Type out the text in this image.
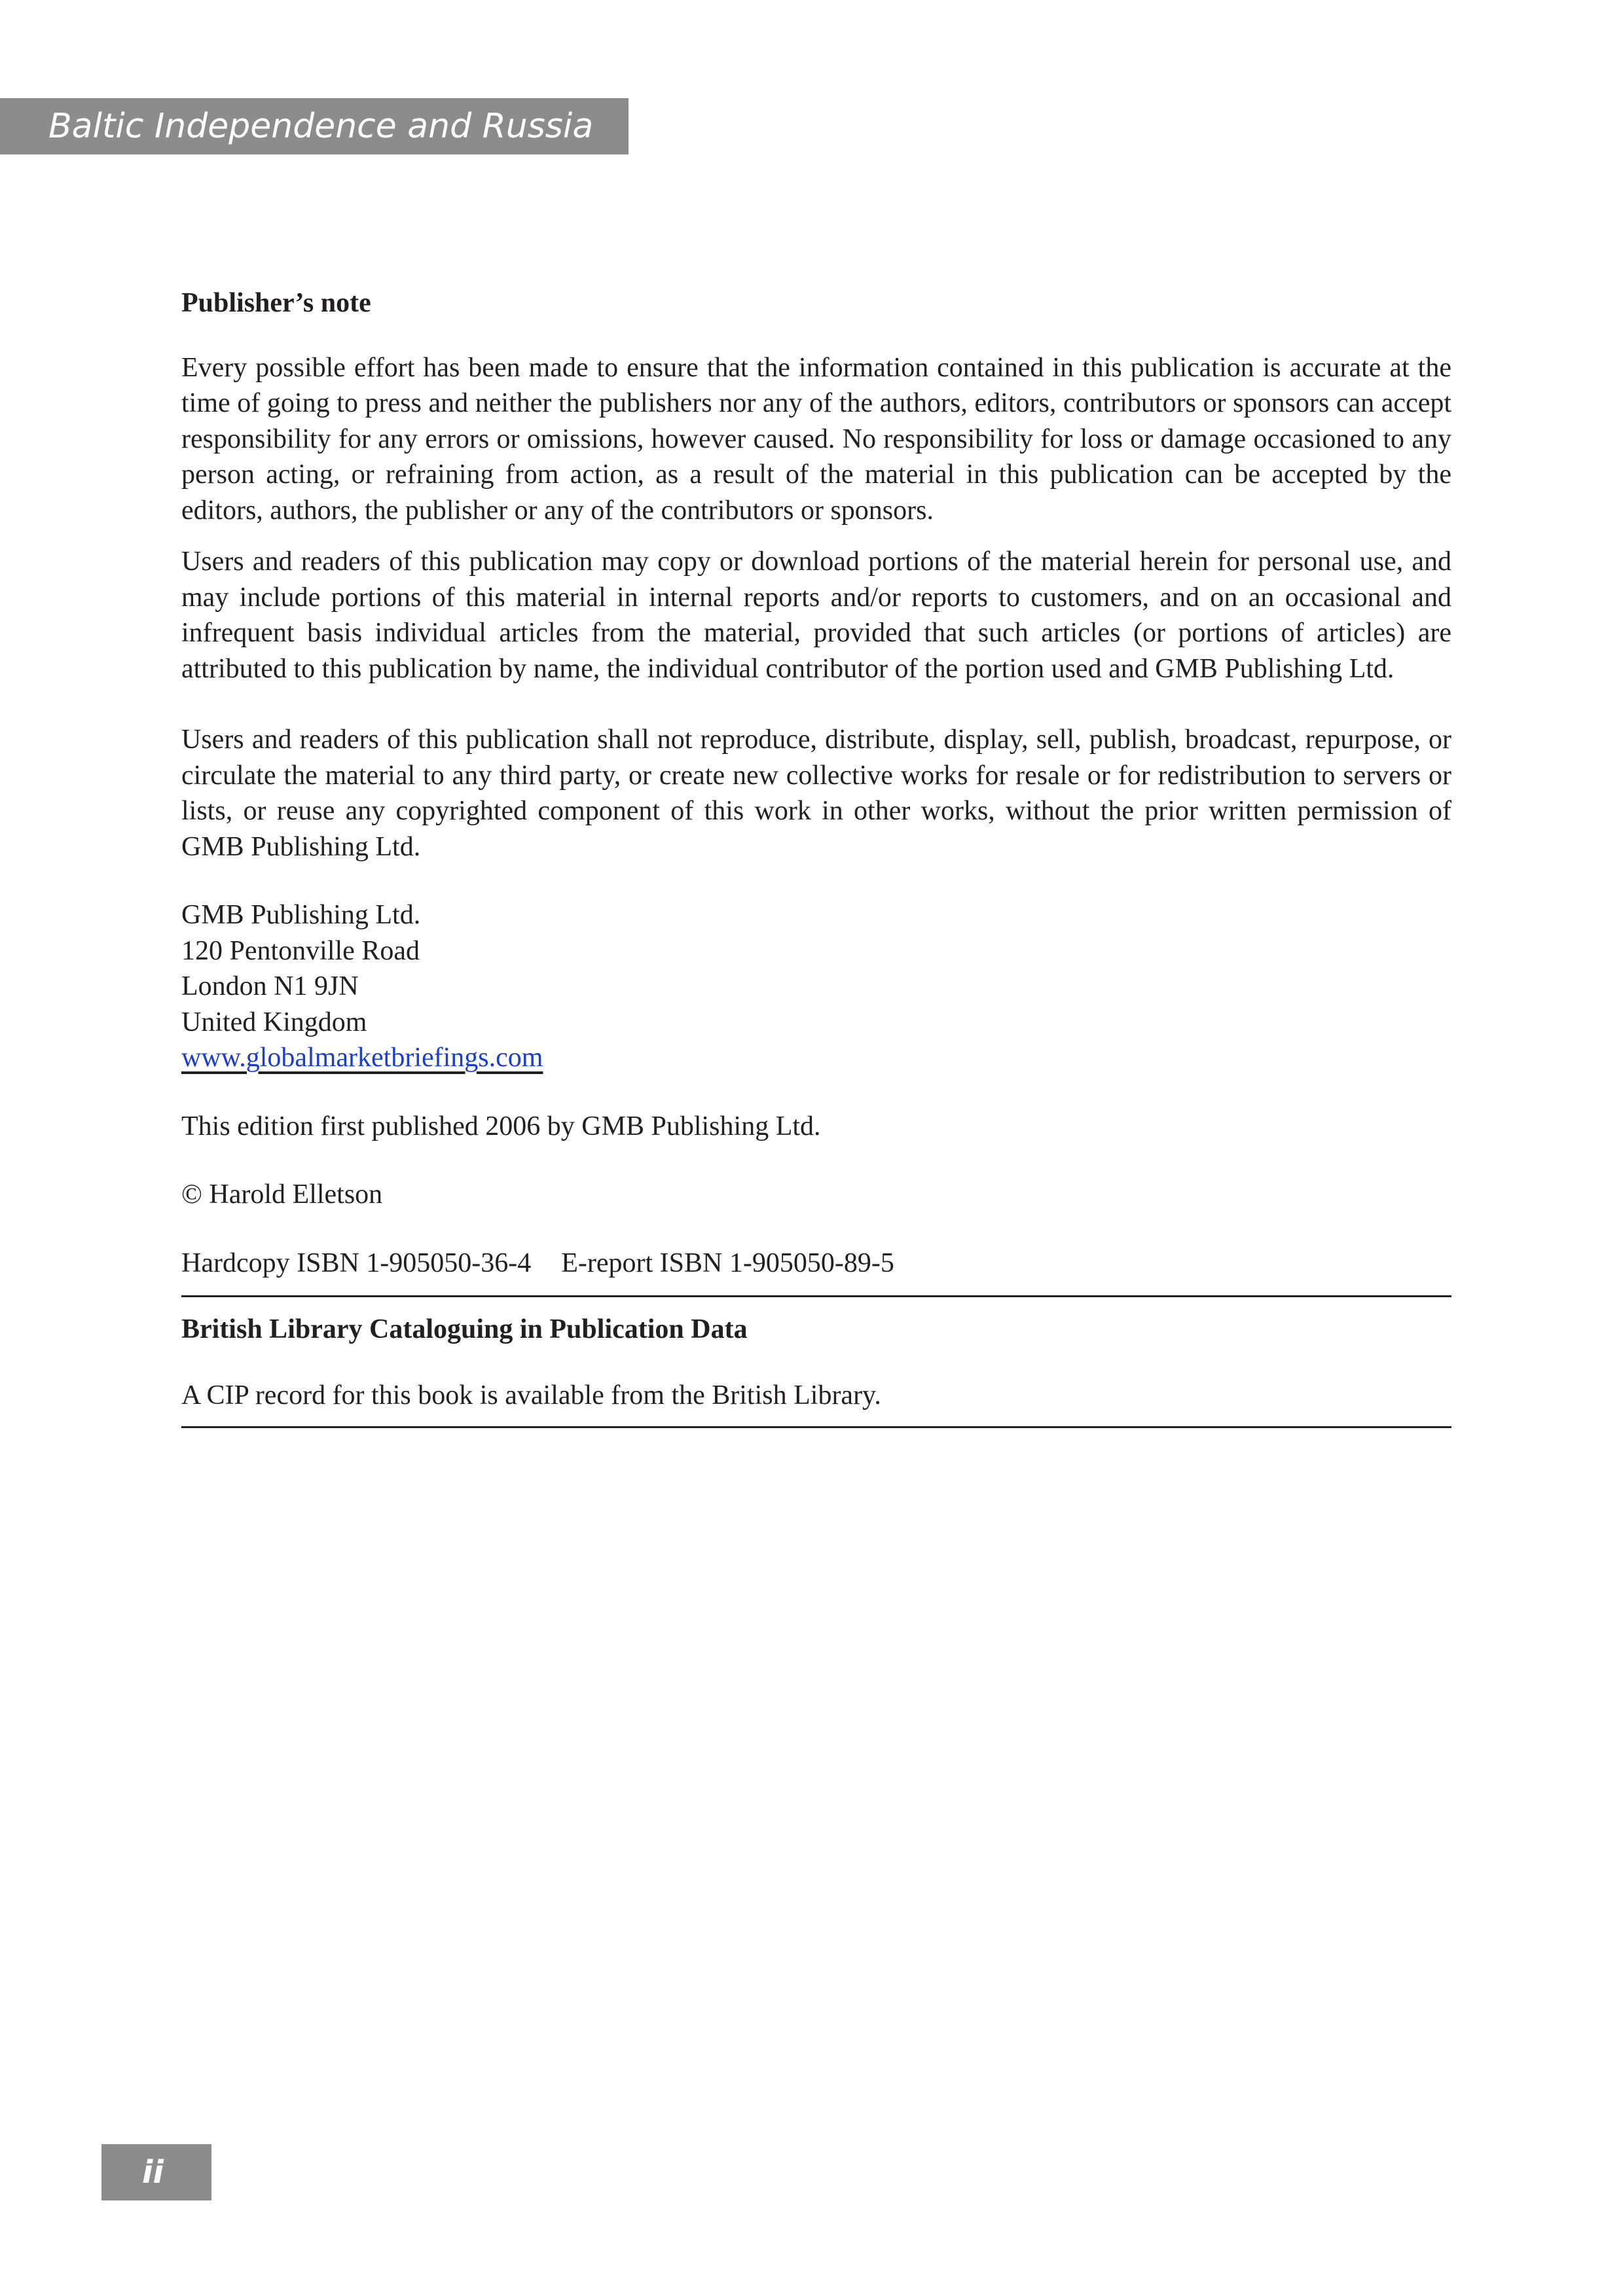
Baltic Independence and Russia

Publisher’s note

Every possible effort has been made to ensure that the information contained in this publication is accurate at the time of going to press and neither the publishers nor any of the authors, editors, contributors or sponsors can accept responsibility for any errors or omissions, however caused. No responsibility for loss or damage occasioned to any person acting, or refraining from action, as a result of the material in this publication can be accepted by the editors, authors, the publisher or any of the contributors or sponsors.

Users and readers of this publication may copy or download portions of the material herein for personal use, and may include portions of this material in internal reports and/or reports to customers, and on an occasional and infrequent basis individual articles from the material, provided that such articles (or portions of articles) are attributed to this publication by name, the individual contributor of the portion used and GMB Publishing Ltd.

Users and readers of this publication shall not reproduce, distribute, display, sell, publish, broadcast, repurpose, or circulate the material to any third party, or create new collective works for resale or for redistribution to servers or lists, or reuse any copyrighted component of this work in other works, without the prior written permission of GMB Publishing Ltd.

GMB Publishing Ltd.

120 Pentonville Road

London N1 9JN

United Kingdom

www.globalmarketbriefings.com

This edition first published 2006 by GMB Publishing Ltd.

© Harold Elletson

Hardcopy ISBN 1-905050-36-4 E-report ISBN 1-905050-89-5

British Library Cataloguing in Publication Data

A CIP record for this book is available from the British Library.

ii
